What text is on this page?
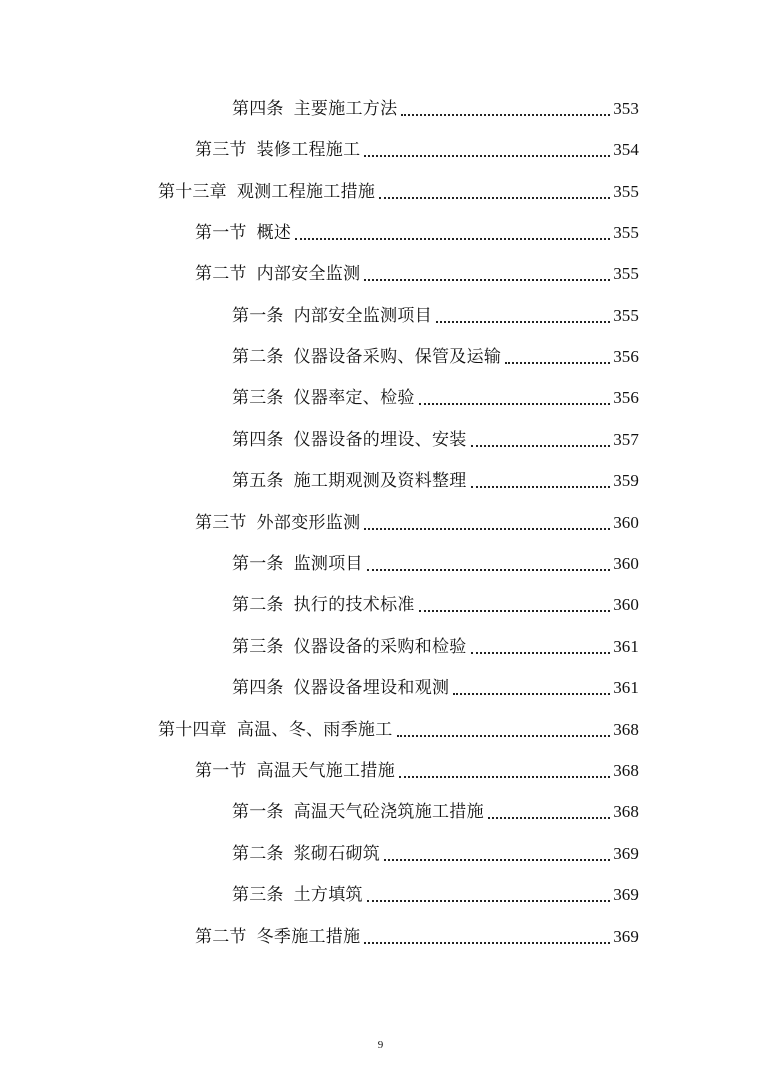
第四条 主要施工方法	353
第三节 装修工程施工	354
第十三章 观测工程施工措施	355
第一节 概述	355
第二节 内部安全监测	355
第一条 内部安全监测项目	355
第二条 仪器设备采购、保管及运输	356
第三条 仪器率定、检验	356
第四条 仪器设备的埋设、安装	357
第五条 施工期观测及资料整理	359
第三节 外部变形监测	360
第一条 监测项目	360
第二条 执行的技术标准	360
第三条 仪器设备的采购和检验	361
第四条 仪器设备埋设和观测	361
第十四章 高温、冬、雨季施工	368
第一节 高温天气施工措施	368
第一条 高温天气砼浇筑施工措施	368
第二条 浆砌石砌筑	369
第三条 土方填筑	369
第二节 冬季施工措施	369
9
